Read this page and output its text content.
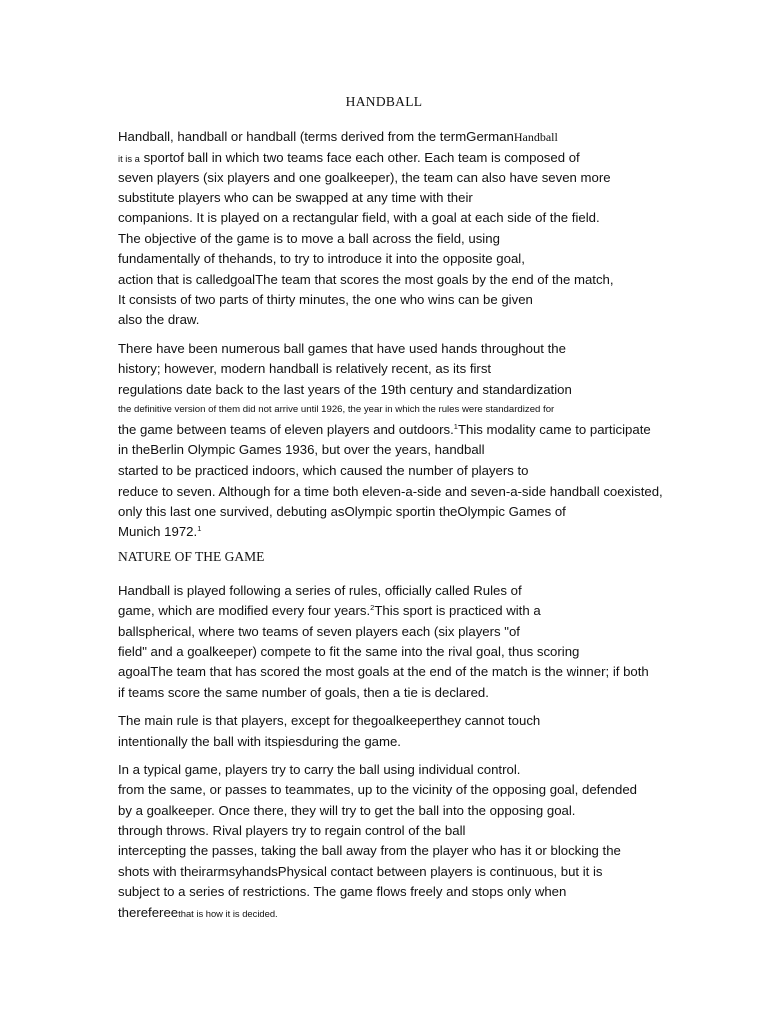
HANDBALL
Handball, handball or handball (terms derived from the termGermanHandball
it is a sportof ball in which two teams face each other. Each team is composed of
seven players (six players and one goalkeeper), the team can also have seven more
substitute players who can be swapped at any time with their
companions. It is played on a rectangular field, with a goal at each side of the field.
The objective of the game is to move a ball across the field, using
fundamentally of thehands, to try to introduce it into the opposite goal,
action that is calledgoalThe team that scores the most goals by the end of the match,
It consists of two parts of thirty minutes, the one who wins can be given
also the draw.
There have been numerous ball games that have used hands throughout the
history; however, modern handball is relatively recent, as its first
regulations date back to the last years of the 19th century and standardization
the definitive version of them did not arrive until 1926, the year in which the rules were standardized for
the game between teams of eleven players and outdoors.$^1$This modality came to participate
in theBerlin Olympic Games 1936, but over the years, handball
started to be practiced indoors, which caused the number of players to
reduce to seven. Although for a time both eleven-a-side and seven-a-side handball coexisted,
only this last one survived, debuting asOlympic sportin theOlympic Games of
Munich 1972.$^1$
NATURE OF THE GAME
Handball is played following a series of rules, officially called Rules of
game, which are modified every four years.$^2$This sport is practiced with a
ballspherical, where two teams of seven players each (six players "of
field" and a goalkeeper) compete to fit the same into the rival goal, thus scoring
agoalThe team that has scored the most goals at the end of the match is the winner; if both
if teams score the same number of goals, then a tie is declared.
The main rule is that players, except for thegoalkeeperthey cannot touch
intentionally the ball with itspiesduring the game.
In a typical game, players try to carry the ball using individual control.
from the same, or passes to teammates, up to the vicinity of the opposing goal, defended
by a goalkeeper. Once there, they will try to get the ball into the opposing goal.
through throws. Rival players try to regain control of the ball
intercepting the passes, taking the ball away from the player who has it or blocking the
shots with theirarmsyhandsPhysical contact between players is continuous, but it is
subject to a series of restrictions. The game flows freely and stops only when
therefereethat is how it is decided.
